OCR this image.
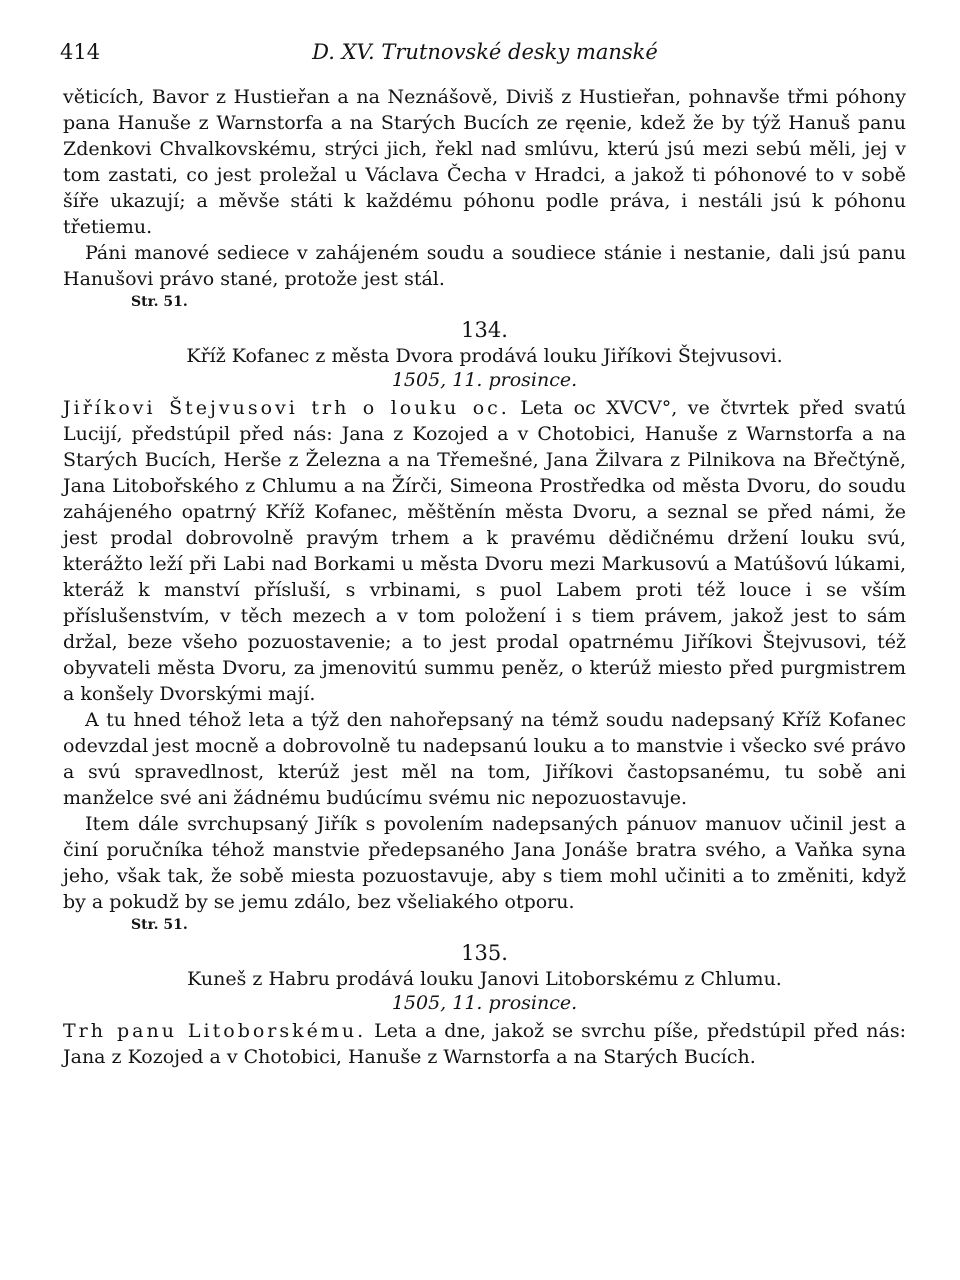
414	D. XV. Trutnovské desky manské

věticích, Bavor z Hustieřan a na Neznášově, Diviš z Hustieřan, pohnavše třmi póhony pana Hanuše z Warnstorfa a na Starých Bucích ze ręenie, kdež že by týž Hanuš panu Zdenkovi Chvalkovskému, strýci jich, řekl nad smlúvu, kterú jsú mezi sebú měli, jej v tom zastati, co jest proležal u Václava Čecha v Hradci, a jakož ti póhonové to v sobě šíře ukazují; a měvše státi k každému póhonu podle práva, i nestáli jsú k póhonu třetiemu.

Páni manové sediece v zahájeném soudu a soudiece stánie i nestanie, dali jsú panu Hanušovi právo stané, protože jest stál.

Str. 51.
134.
Kříž Kofanec z města Dvora prodává louku Jiříkovi Štejvusovi.
1505, 11. prosince.

Jiříkovi Štejvusovi trh o louku oc. Leta oc XVCV°, ve čtvrtek před svatú Lucijí, předstúpil před nás: Jana z Kozojed a v Chotobici, Hanuše z Warnstorfa a na Starých Bucích, Herše z Železna a na Třemešné, Jana Žilvara z Pilnikova na Břečtýně, Jana Litobořského z Chlumu a na Žírči, Simeona Prostředka od města Dvoru, do soudu zahájeného opatrný Kříž Kofanec, měštěnín města Dvoru, a seznal se před námi, že jest prodal dobrovolně pravým trhem a k pravému dědičnému držení louku svú, kterážto leží při Labi nad Borkami u města Dvoru mezi Markusovú a Matúšovú lúkami, kteráž k manství přísluší, s vrbinami, s puol Labem proti též louce i se vším příslušenstvím, v těch mezech a v tom položení i s tiem právem, jakož jest to sám držal, beze všeho pozuostavenie; a to jest prodal opatrnému Jiříkovi Štejvusovi, též obyvateli města Dvoru, za jmenovitú summu peněz, o kterúž miesto před purgmistrem a konšely Dvorskými mají.

A tu hned téhož leta a týž den nahořepsaný na témž soudu nadepsaný Kříž Kofanec odevzdal jest mocně a dobrovolně tu nadepsanú louku a to manstvie i všecko své právo a svú spravedlnost, kterúž jest měl na tom, Jiříkovi častopsanému, tu sobě ani manželce své ani žádnému budúcímu svému nic nepozuostavuje.

Item dále svrchupsaný Jiřík s povolením nadepsaných pánuov manuov učinil jest a činí poručníka téhož manstvie předepsaného Jana Jonáše bratra svého, a Vaňka syna jeho, však tak, že sobě miesta pozuostavuje, aby s tiem mohl učiniti a to změniti, když by a pokudž by se jemu zdálo, bez všeliakého otporu.

Str. 51.
135.
Kuneš z Habru prodává louku Janovi Litoborskému z Chlumu.
1505, 11. prosince.

Trh panu Litoborskému. Leta a dne, jakož se svrchu píše, předstúpil před nás: Jana z Kozojed a v Chotobici, Hanuše z Warnstorfa a na Starých Bucích.
